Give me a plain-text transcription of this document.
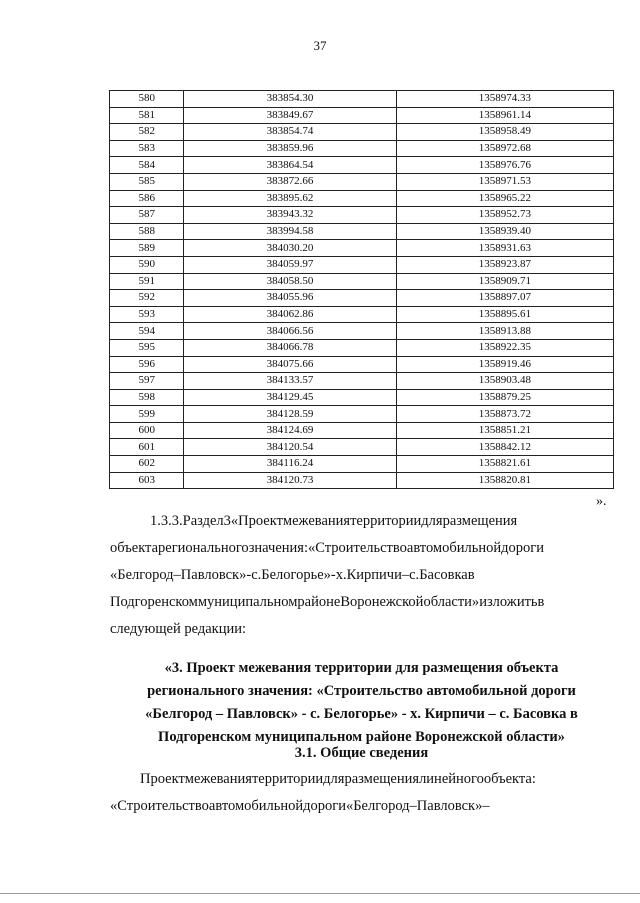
37
580	383854.30	1358974.33
581	383849.67	1358961.14
582	383854.74	1358958.49
583	383859.96	1358972.68
584	383864.54	1358976.76
585	383872.66	1358971.53
586	383895.62	1358965.22
587	383943.32	1358952.73
588	383994.58	1358939.40
589	384030.20	1358931.63
590	384059.97	1358923.87
591	384058.50	1358909.71
592	384055.96	1358897.07
593	384062.86	1358895.61
594	384066.56	1358913.88
595	384066.78	1358922.35
596	384075.66	1358919.46
597	384133.57	1358903.48
598	384129.45	1358879.25
599	384128.59	1358873.72
600	384124.69	1358851.21
601	384120.54	1358842.12
602	384116.24	1358821.61
603	384120.73	1358820.81
».
1.3.3.Раздел3«Проектмежеваниятерриториидляразмещения
объектарегиональногозначения:«Строительствоавтомобильнойдороги
«Белгород–Павловск»-с.Белогорье»-х.Кирпичи–с.Басовкав
ПодгоренскоммуниципальномрайонеВоронежскойобласти»изложитьв
следующей редакции:
«3. Проект межевания территории для размещения объекта
регионального значения: «Строительство автомобильной дороги
«Белгород – Павловск» - с. Белогорье» - х. Кирпичи – с. Басовка в
Подгоренском муниципальном районе Воронежской области»
3.1. Общие сведения
Проектмежеваниятерриториидляразмещениялинейногообъекта:
«Строительствоавтомобильнойдороги«Белгород–Павловск»–
